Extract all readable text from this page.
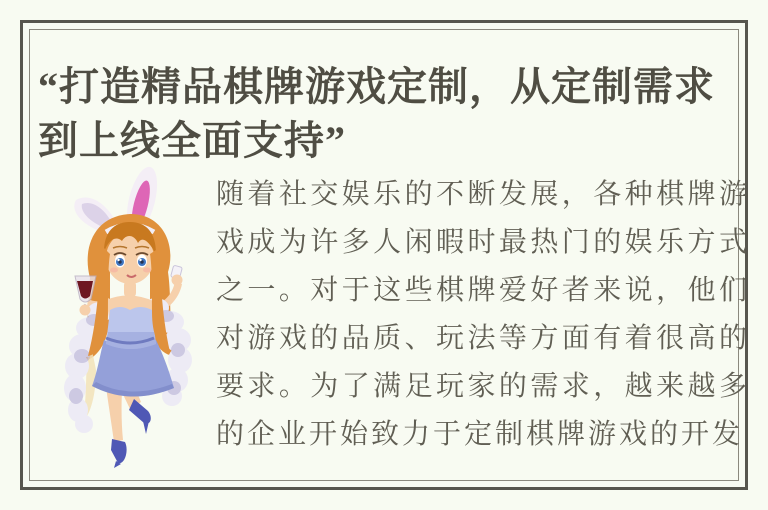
“打造精品棋牌游戏定制，从定制需求到上线全面支持”

随着社交娱乐的不断发展，各种棋牌游戏成为许多人闲暇时最热门的娱乐方式之一。对于这些棋牌爱好者来说，他们对游戏的品质、玩法等方面有着很高的要求。为了满足玩家的需求，越来越多的企业开始致力于定制棋牌游戏的开发
